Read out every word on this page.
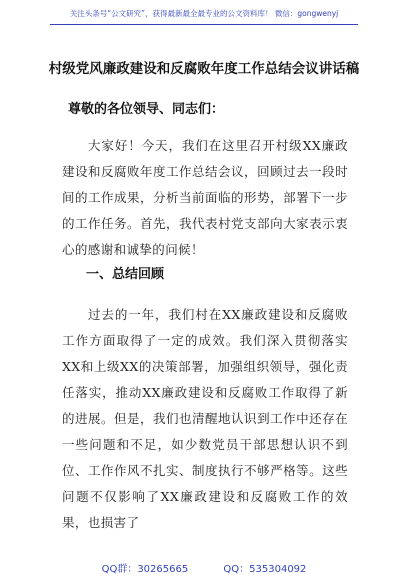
关注头条号“公文研究”，获得最新最全最专业的公文资料库！ 微信：gongwenyj
村级党风廉政建设和反腐败年度工作总结会议讲话稿
尊敬的各位领导、同志们：
大家好！今天，我们在这里召开村级XX廉政建设和反腐败年度工作总结会议，回顾过去一段时间的工作成果，分析当前面临的形势，部署下一步的工作任务。首先，我代表村党支部向大家表示衷心的感谢和诚挚的问候！
一、总结回顾
过去的一年，我们村在XX廉政建设和反腐败工作方面取得了一定的成效。我们深入贯彻落实XX和上级XX的决策部署，加强组织领导，强化责任落实，推动XX廉政建设和反腐败工作取得了新的进展。但是，我们也清醒地认识到工作中还存在一些问题和不足，如少数党员干部思想认识不到位、工作作风不扎实、制度执行不够严格等。这些问题不仅影响了XX廉政建设和反腐败工作的效果，也损害了
QQ群：30265665	QQ：535304092
